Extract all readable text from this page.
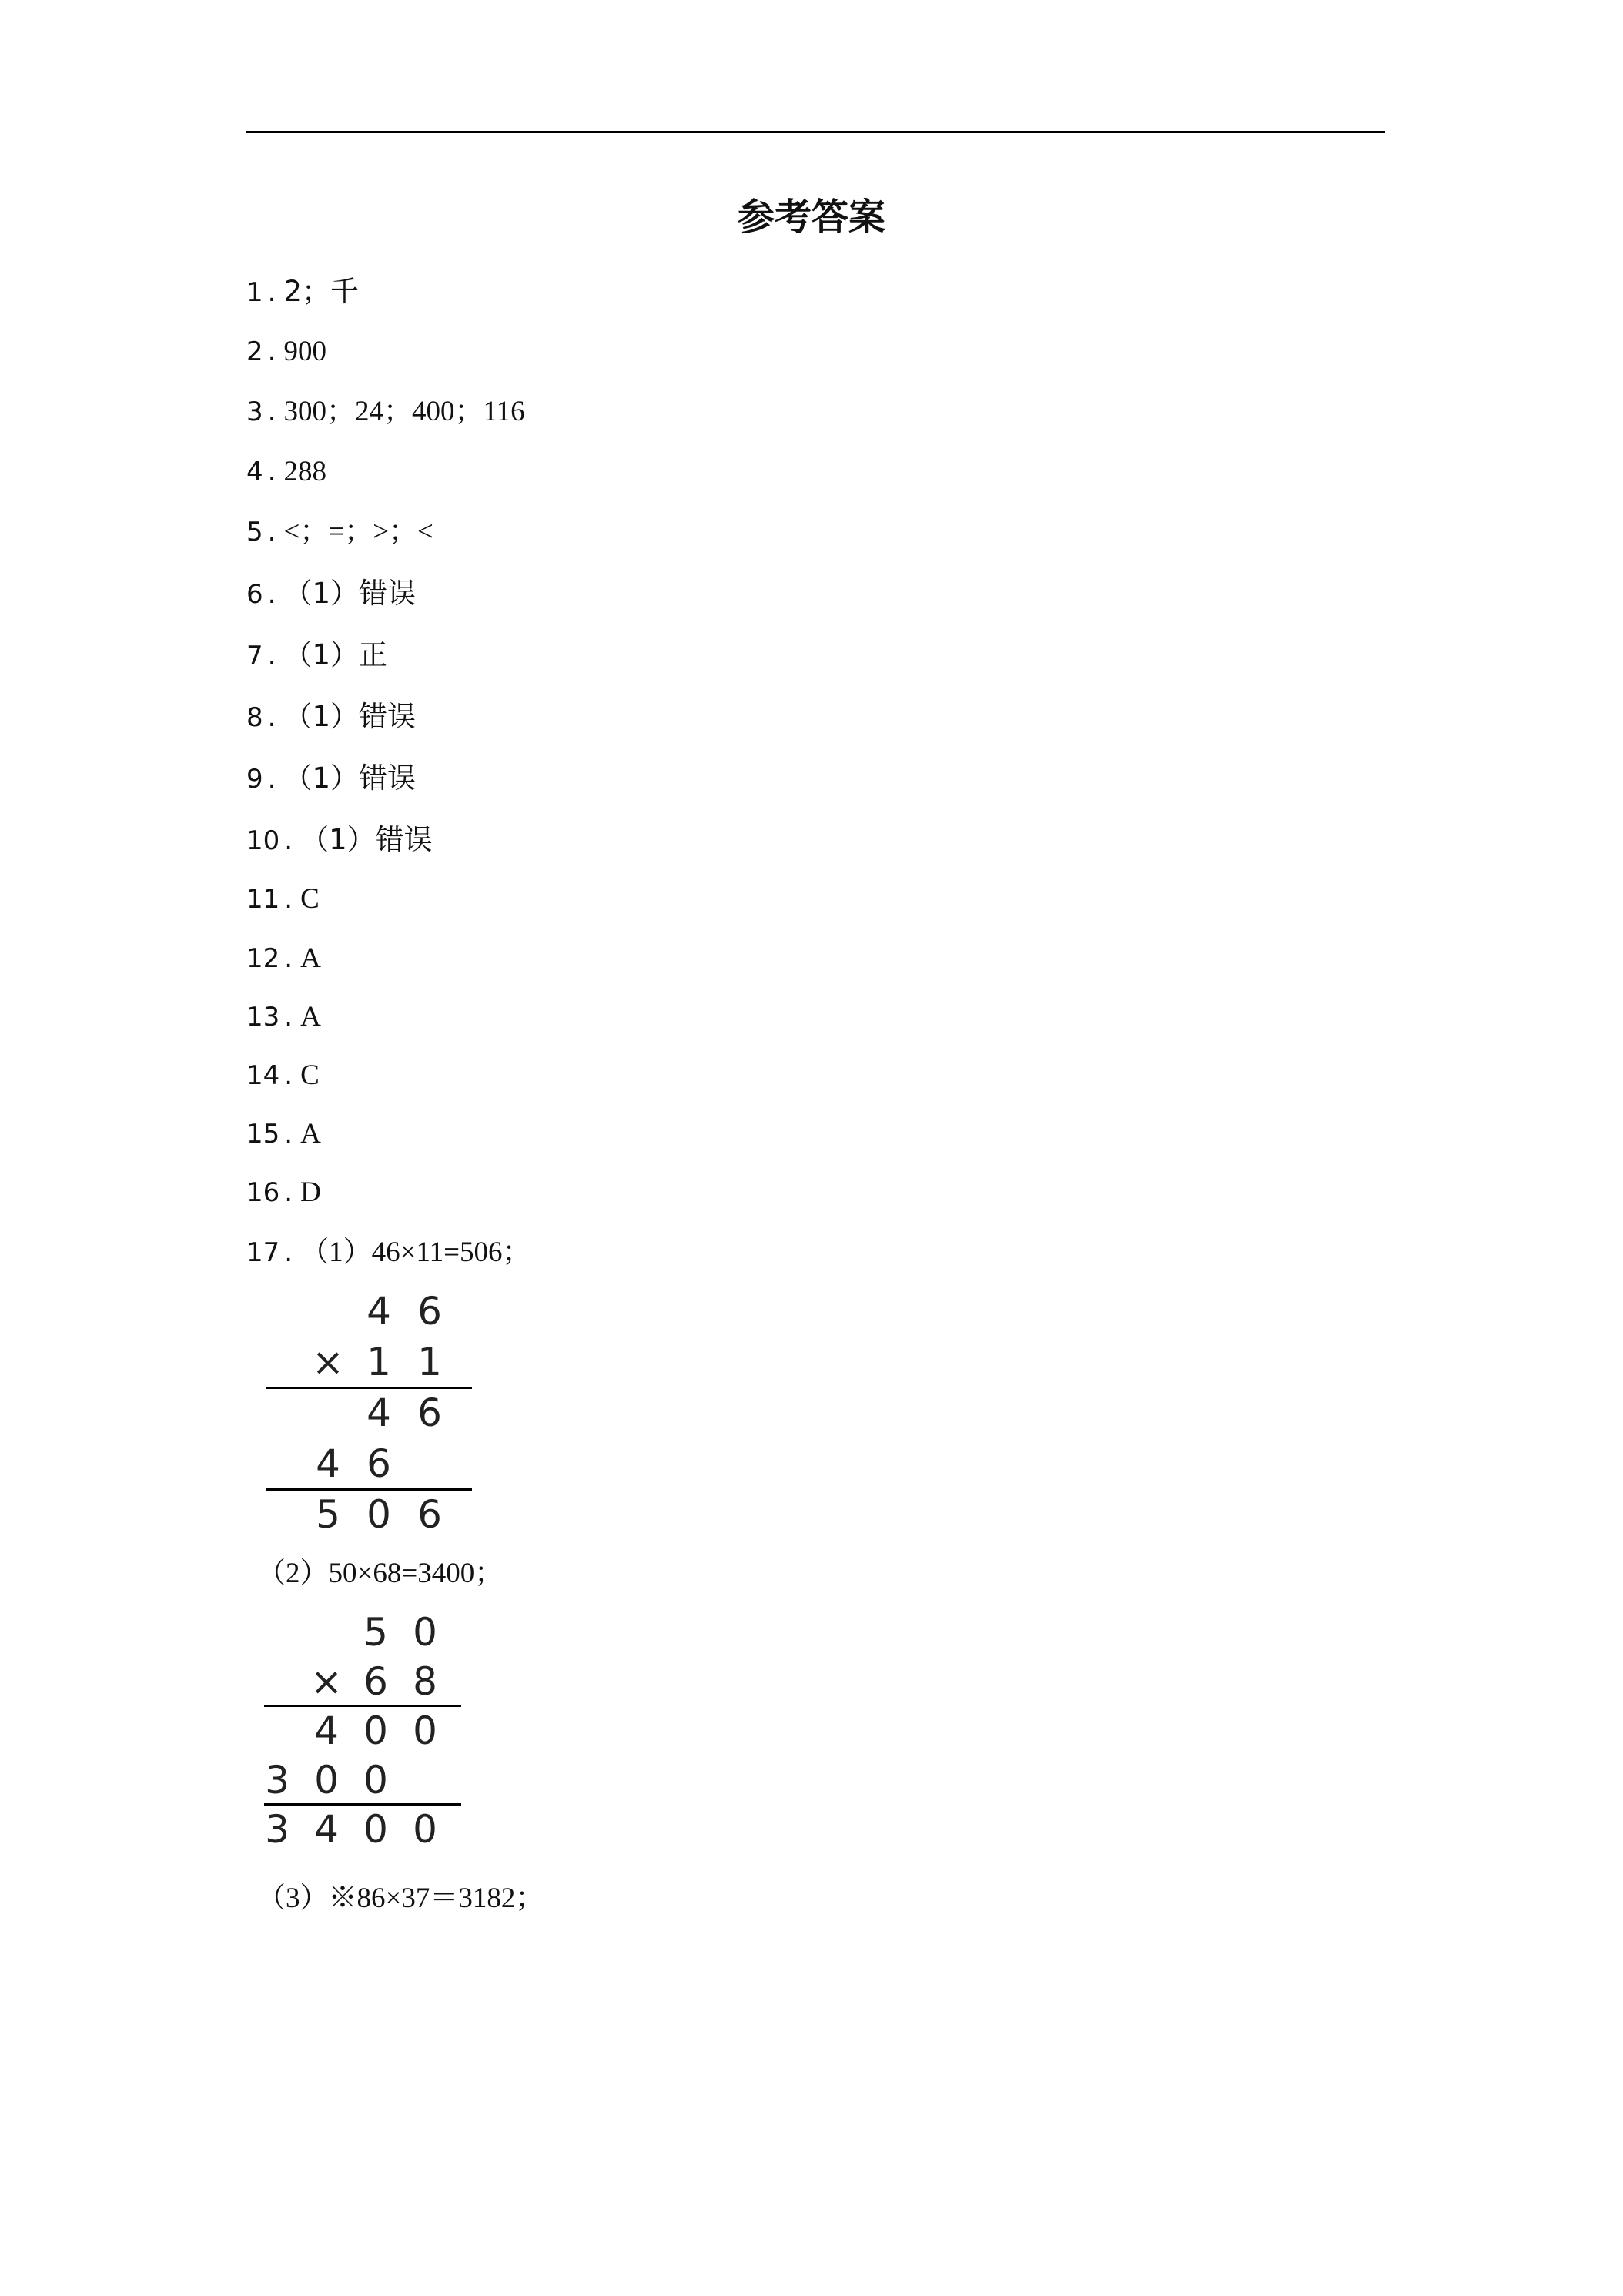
参考答案
1 . 2；千
2 . 900
3 . 300；24；400；116
4 . 288
5 . <；=；>；<
6 . （1）错误
7 . （1）正
8 . （1）错误
9 . （1）错误
10 . （1）错误
11 . C
12 . A
13 . A
14 . C
15 . A
16 . D
17 . （1）46×11=506；
4 6
× 1 1
4 6
4 6
5 0 6
（2）50×68=3400；
5 0
× 6 8
4 0 0
3 0 0
3 4 0 0
（3）※86×37＝3182；
